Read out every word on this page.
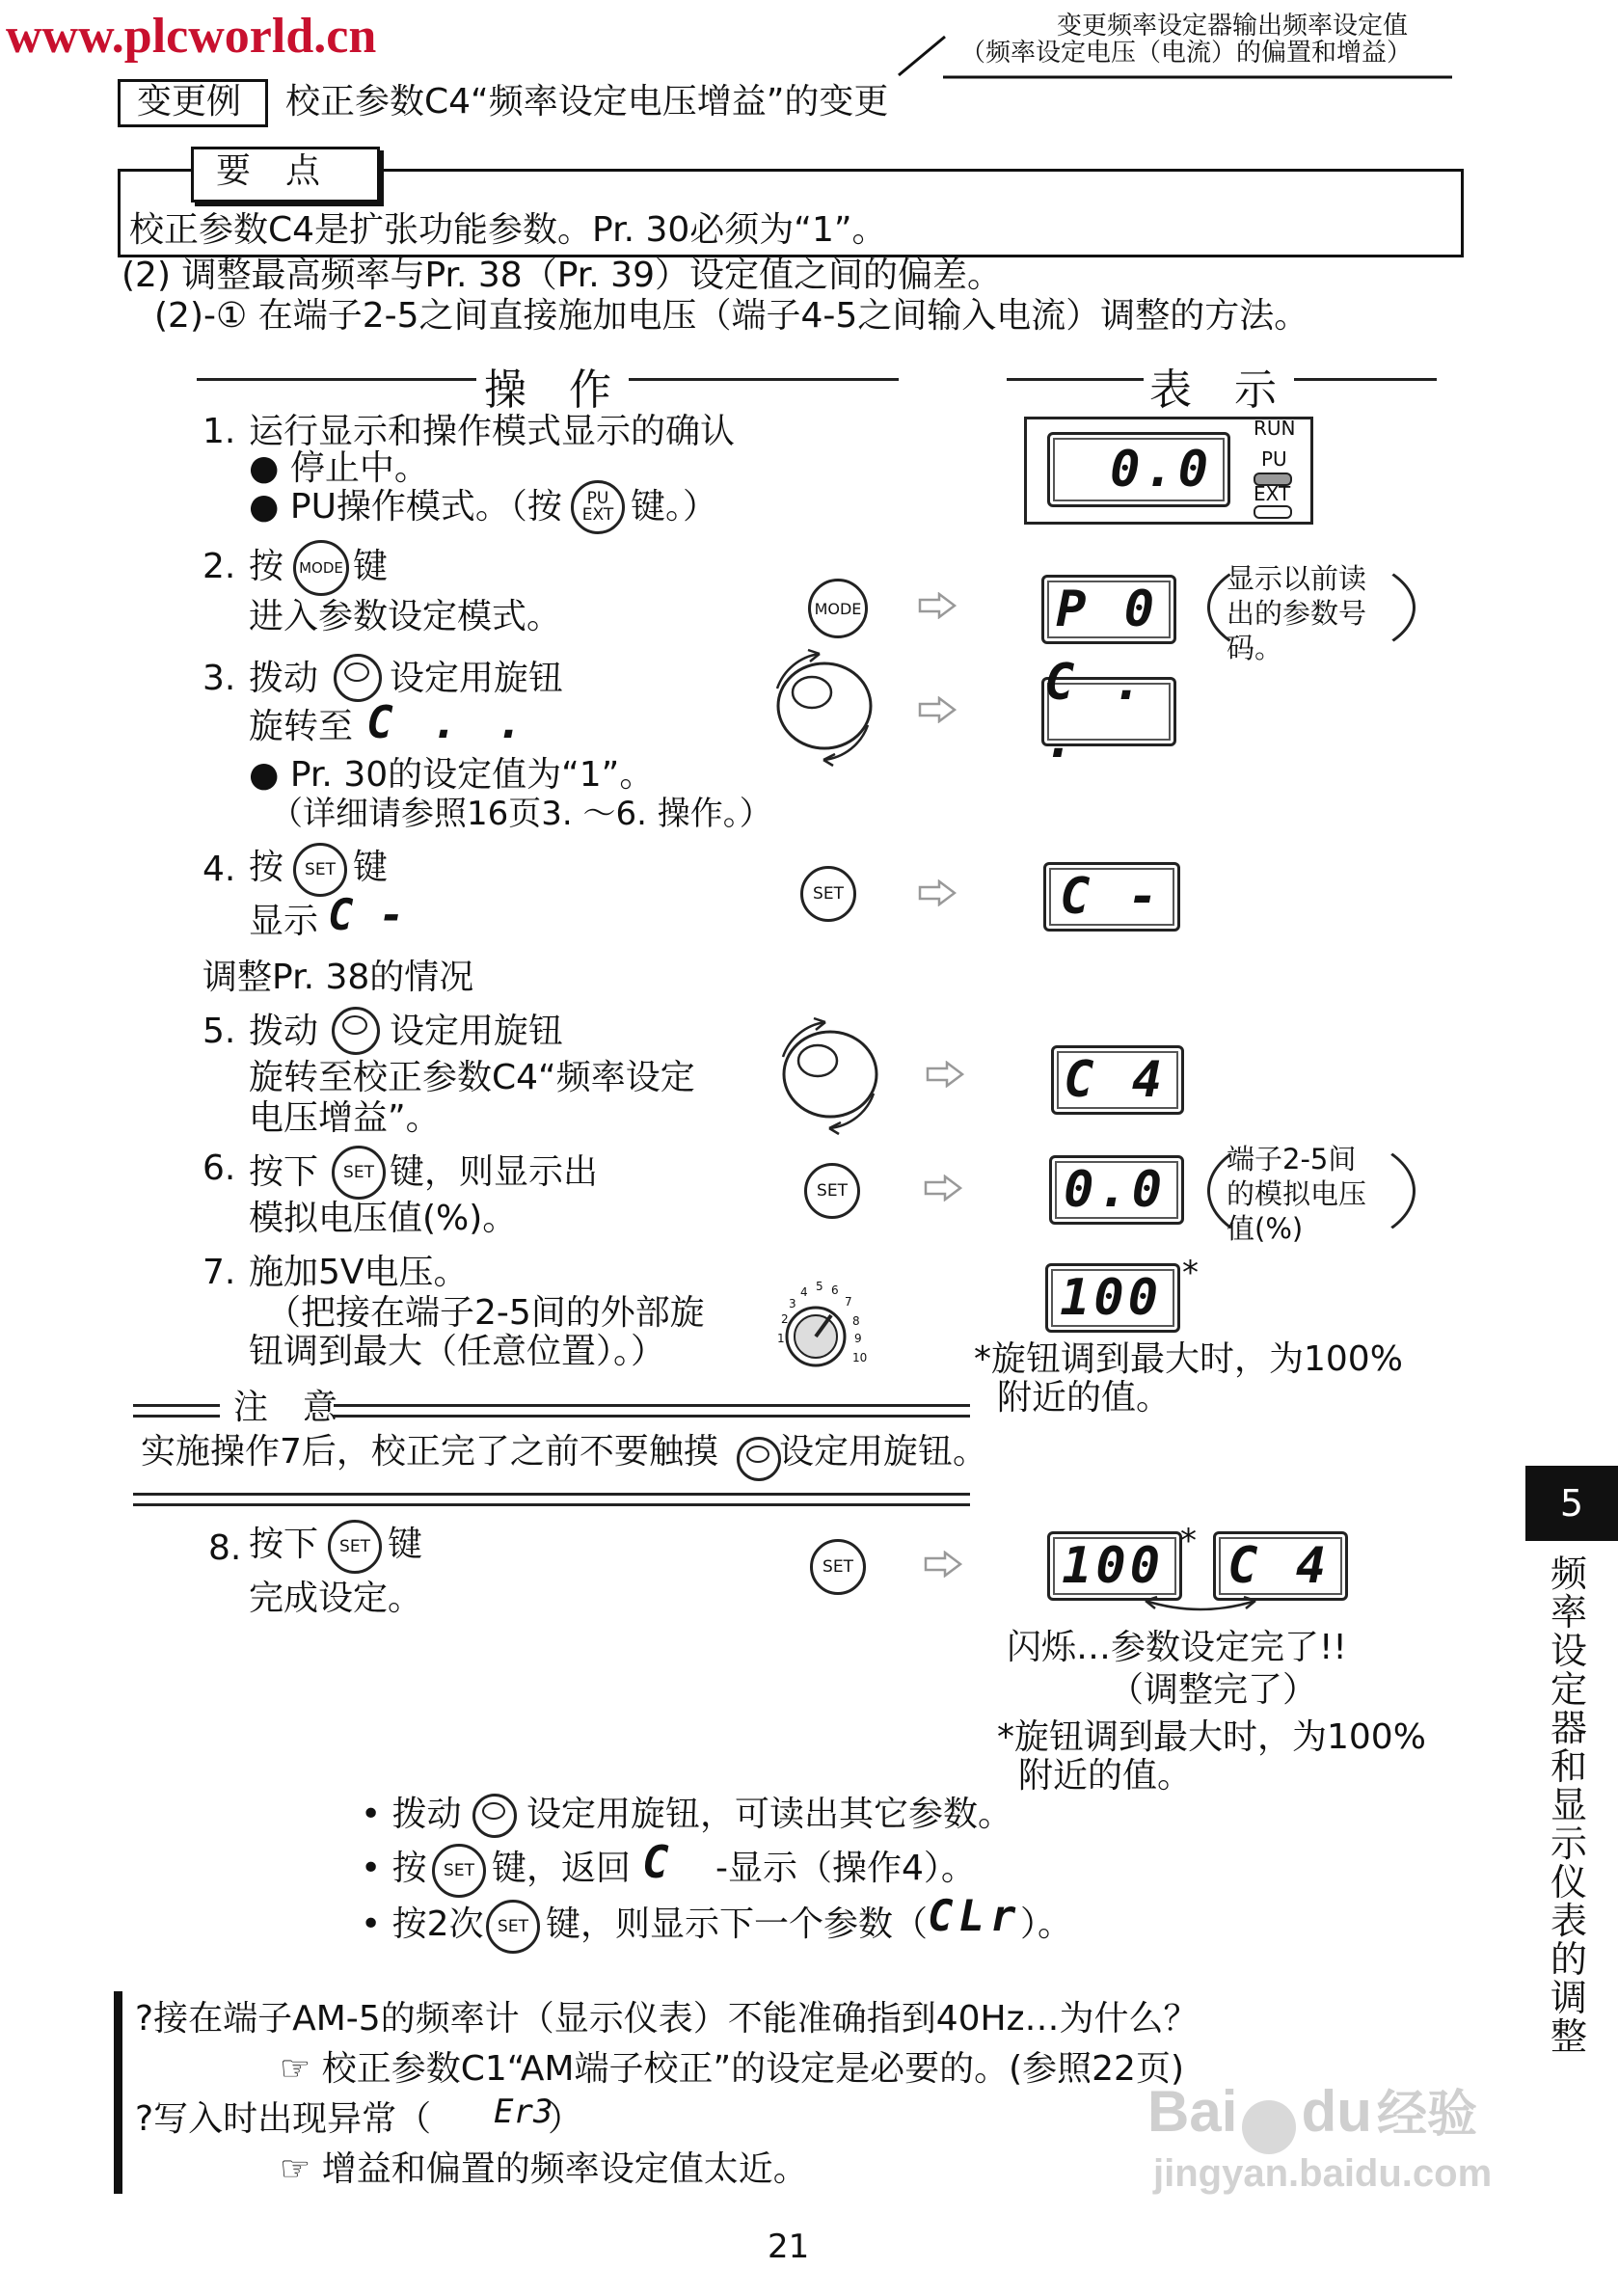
www.plcworld.cn	变更频率设定器输出频率设定值
（频率设定电压（电流）的偏置和增益）
变更例 校正参数C4“频率设定电压增益”的变更
要　点
校正参数C4是扩张功能参数。Pr. 30必须为“1”。
(2) 调整最高频率与Pr. 38（Pr. 39）设定值之间的偏差。
(2)-① 在端子2-5之间直接施加电压（端子4-5之间输入电流）调整的方法。
操　作	表　示
1. 运行显示和操作模式显示的确认
● 停止中。
● PU操作模式。（按 PU
EXT 键。）
0.0
RUN
PU
EXT
2. 按	MODE 键
进入参数设定模式。	MODE	P 0
显示以前读
出的参数号
码。
3. 拨动 设定用旋钮
旋转至 C . .
● Pr. 30的设定值为“1”。
（详细请参照16页3. ～6. 操作。）
C . .
4. 按	SET 键
显示 C -	SET	C -
调整Pr. 38的情况
5. 拨动 设定用旋钮
旋转至校正参数C4“频率设定
电压增益”。
C 4
6. 按下	SET 键，则显示出
模拟电压值(%)。
SET	0.0
端子2-5间
的模拟电压
值(%)
7. 施加5V电压。
（把接在端子2-5间的外部旋
钮调到最大（任意位置）。）	1
2
3
4 5 6
7
8
9
10
100 *
*旋钮调到最大时，为100%
附近的值。
注　意
实施操作7后，校正完了之前不要触摸 设定用旋钮。
8. 按下	SET 键
完成设定。
SET	100 * C 4
闪烁…参数设定完了!!
（调整完了）
*旋钮调到最大时，为100%
附近的值。
• 拨动 设定用旋钮，可读出其它参数。
• 按	SET 键，返回 C -显示（操作4）。
• 按2次 SET 键，则显示下一个参数（ CLr
）。
?接在端子AM-5的频率计（显示仪表）不能准确指到40Hz…为什么？
☞ 校正参数C1“AM端子校正”的设定是必要的。(参照22页)
?写入时出现异常（ Er3
）
☞ 增益和偏置的频率设定值太近。
5
频
率
设
定
器
和
显
示
仪
表
的
调
整
Bai du 经验
jingyan.baidu.com
21
